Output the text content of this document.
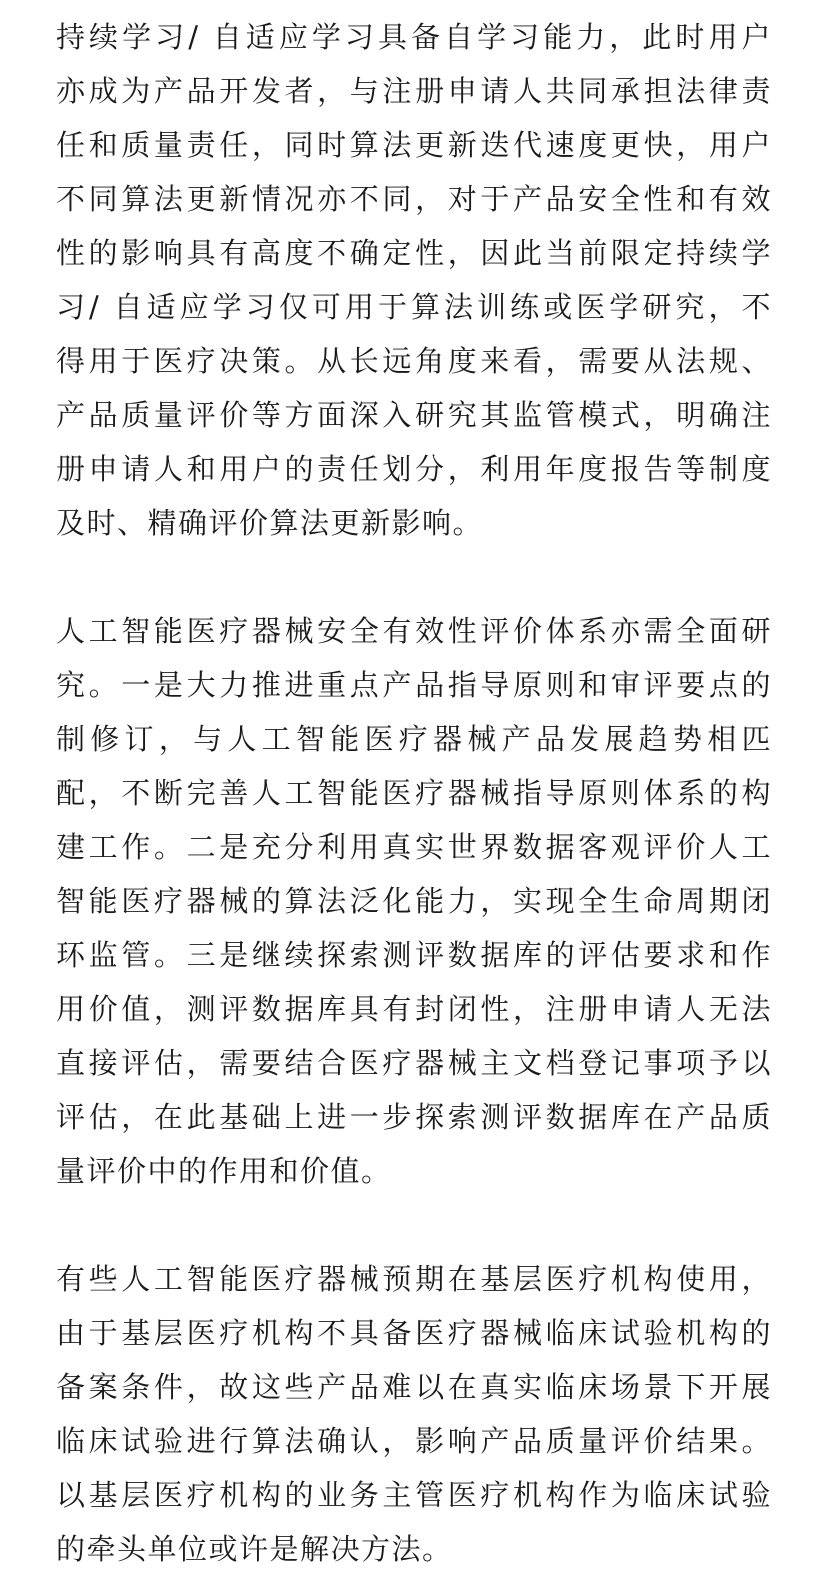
持续学习/ 自适应学习具备自学习能力，此时用户
亦成为产品开发者，与注册申请人共同承担法律责
任和质量责任，同时算法更新迭代速度更快，用户
不同算法更新情况亦不同，对于产品安全性和有效
性的影响具有高度不确定性，因此当前限定持续学
习/ 自适应学习仅可用于算法训练或医学研究，不
得用于医疗决策。从长远角度来看，需要从法规、
产品质量评价等方面深入研究其监管模式，明确注
册申请人和用户的责任划分，利用年度报告等制度
及时、精确评价算法更新影响。

人工智能医疗器械安全有效性评价体系亦需全面研
究。一是大力推进重点产品指导原则和审评要点的
制修订，与人工智能医疗器械产品发展趋势相匹
配，不断完善人工智能医疗器械指导原则体系的构
建工作。二是充分利用真实世界数据客观评价人工
智能医疗器械的算法泛化能力，实现全生命周期闭
环监管。三是继续探索测评数据库的评估要求和作
用价值，测评数据库具有封闭性，注册申请人无法
直接评估，需要结合医疗器械主文档登记事项予以
评估，在此基础上进一步探索测评数据库在产品质
量评价中的作用和价值。

有些人工智能医疗器械预期在基层医疗机构使用，
由于基层医疗机构不具备医疗器械临床试验机构的
备案条件，故这些产品难以在真实临床场景下开展
临床试验进行算法确认，影响产品质量评价结果。
以基层医疗机构的业务主管医疗机构作为临床试验
的牵头单位或许是解决方法。
